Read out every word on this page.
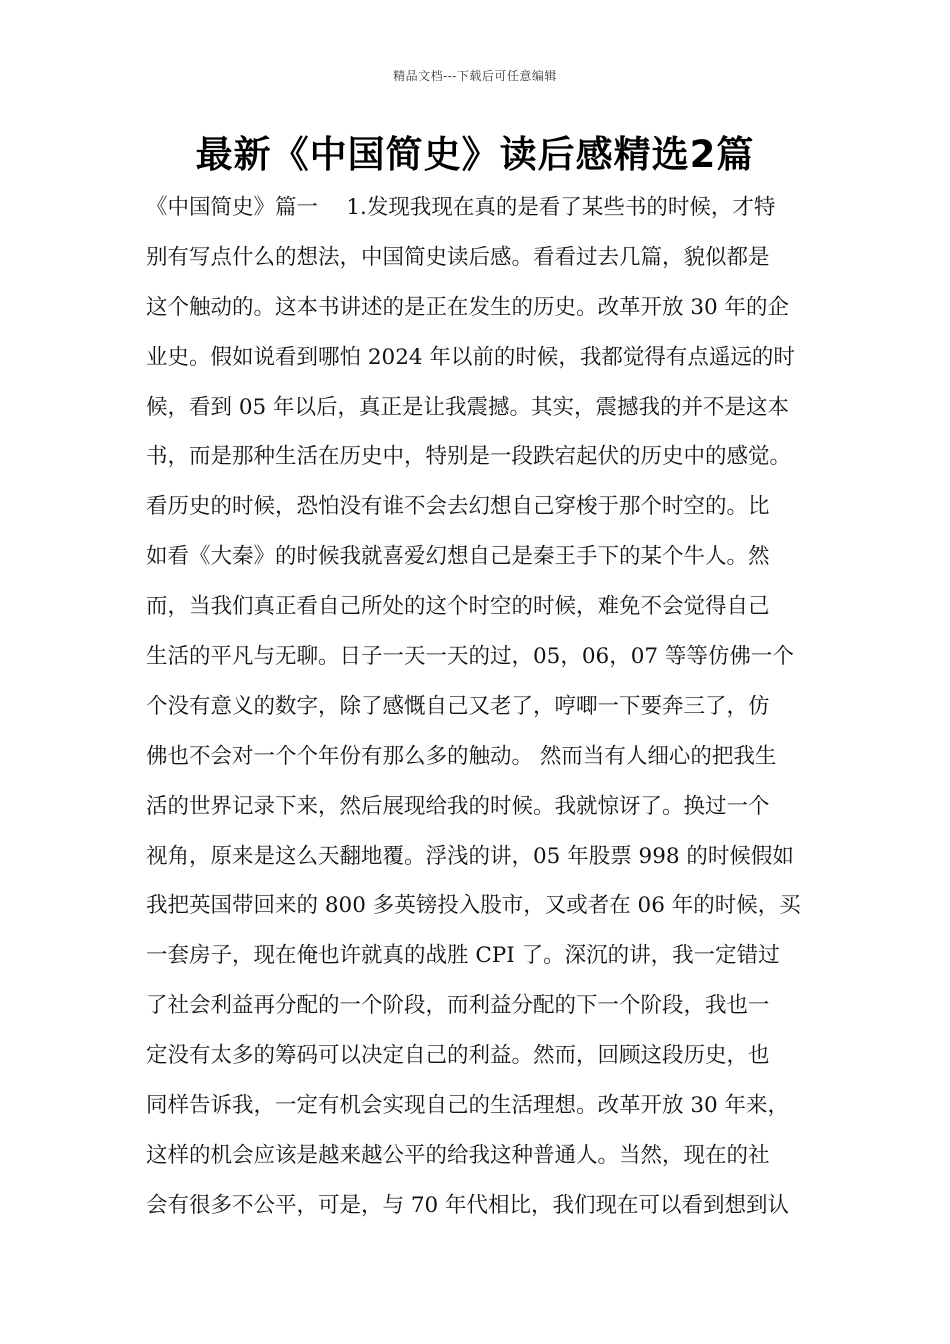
精品文档---下载后可任意编辑
最新《中国简史》读后感精选2篇
《中国简史》篇一　 1.发现我现在真的是看了某些书的时候，才特
别有写点什么的想法，中国简史读后感。看看过去几篇，貌似都是
这个触动的。这本书讲述的是正在发生的历史。改革开放 30 年的企
业史。假如说看到哪怕 2024 年以前的时候，我都觉得有点遥远的时
候，看到 05 年以后，真正是让我震撼。其实，震撼我的并不是这本
书，而是那种生活在历史中，特别是一段跌宕起伏的历史中的感觉。
看历史的时候，恐怕没有谁不会去幻想自己穿梭于那个时空的。比
如看《大秦》的时候我就喜爱幻想自己是秦王手下的某个牛人。然
而，当我们真正看自己所处的这个时空的时候，难免不会觉得自己
生活的平凡与无聊。日子一天一天的过，05，06，07 等等仿佛一个
个没有意义的数字，除了感慨自己又老了，哼唧一下要奔三了，仿
佛也不会对一个个年份有那么多的触动。 然而当有人细心的把我生
活的世界记录下来，然后展现给我的时候。我就惊讶了。换过一个
视角，原来是这么天翻地覆。浮浅的讲，05 年股票 998 的时候假如
我把英国带回来的 800 多英镑投入股市，又或者在 06 年的时候，买
一套房子，现在俺也许就真的战胜 CPI 了。深沉的讲，我一定错过
了社会利益再分配的一个阶段，而利益分配的下一个阶段，我也一
定没有太多的筹码可以决定自己的利益。然而，回顾这段历史，也
同样告诉我，一定有机会实现自己的生活理想。改革开放 30 年来，
这样的机会应该是越来越公平的给我这种普通人。当然，现在的社
会有很多不公平，可是，与 70 年代相比，我们现在可以看到想到认
